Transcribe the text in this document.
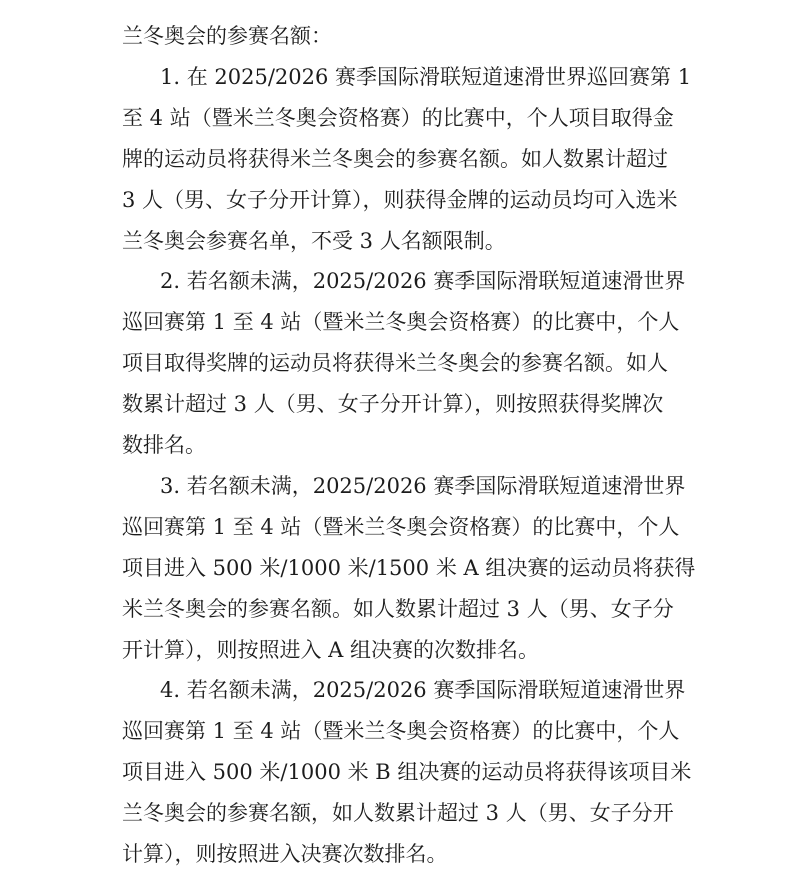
兰冬奥会的参赛名额：
1. 在 2025/2026 赛季国际滑联短道速滑世界巡回赛第 1
至 4 站（暨米兰冬奥会资格赛）的比赛中，个人项目取得金
牌的运动员将获得米兰冬奥会的参赛名额。如人数累计超过
3 人（男、女子分开计算），则获得金牌的运动员均可入选米
兰冬奥会参赛名单，不受 3 人名额限制。
2. 若名额未满，2025/2026 赛季国际滑联短道速滑世界
巡回赛第 1 至 4 站（暨米兰冬奥会资格赛）的比赛中，个人
项目取得奖牌的运动员将获得米兰冬奥会的参赛名额。如人
数累计超过 3 人（男、女子分开计算），则按照获得奖牌次
数排名。
3. 若名额未满，2025/2026 赛季国际滑联短道速滑世界
巡回赛第 1 至 4 站（暨米兰冬奥会资格赛）的比赛中，个人
项目进入 500 米/1000 米/1500 米 A 组决赛的运动员将获得
米兰冬奥会的参赛名额。如人数累计超过 3 人（男、女子分
开计算），则按照进入 A 组决赛的次数排名。
4. 若名额未满，2025/2026 赛季国际滑联短道速滑世界
巡回赛第 1 至 4 站（暨米兰冬奥会资格赛）的比赛中，个人
项目进入 500 米/1000 米 B 组决赛的运动员将获得该项目米
兰冬奥会的参赛名额，如人数累计超过 3 人（男、女子分开
计算），则按照进入决赛次数排名。
